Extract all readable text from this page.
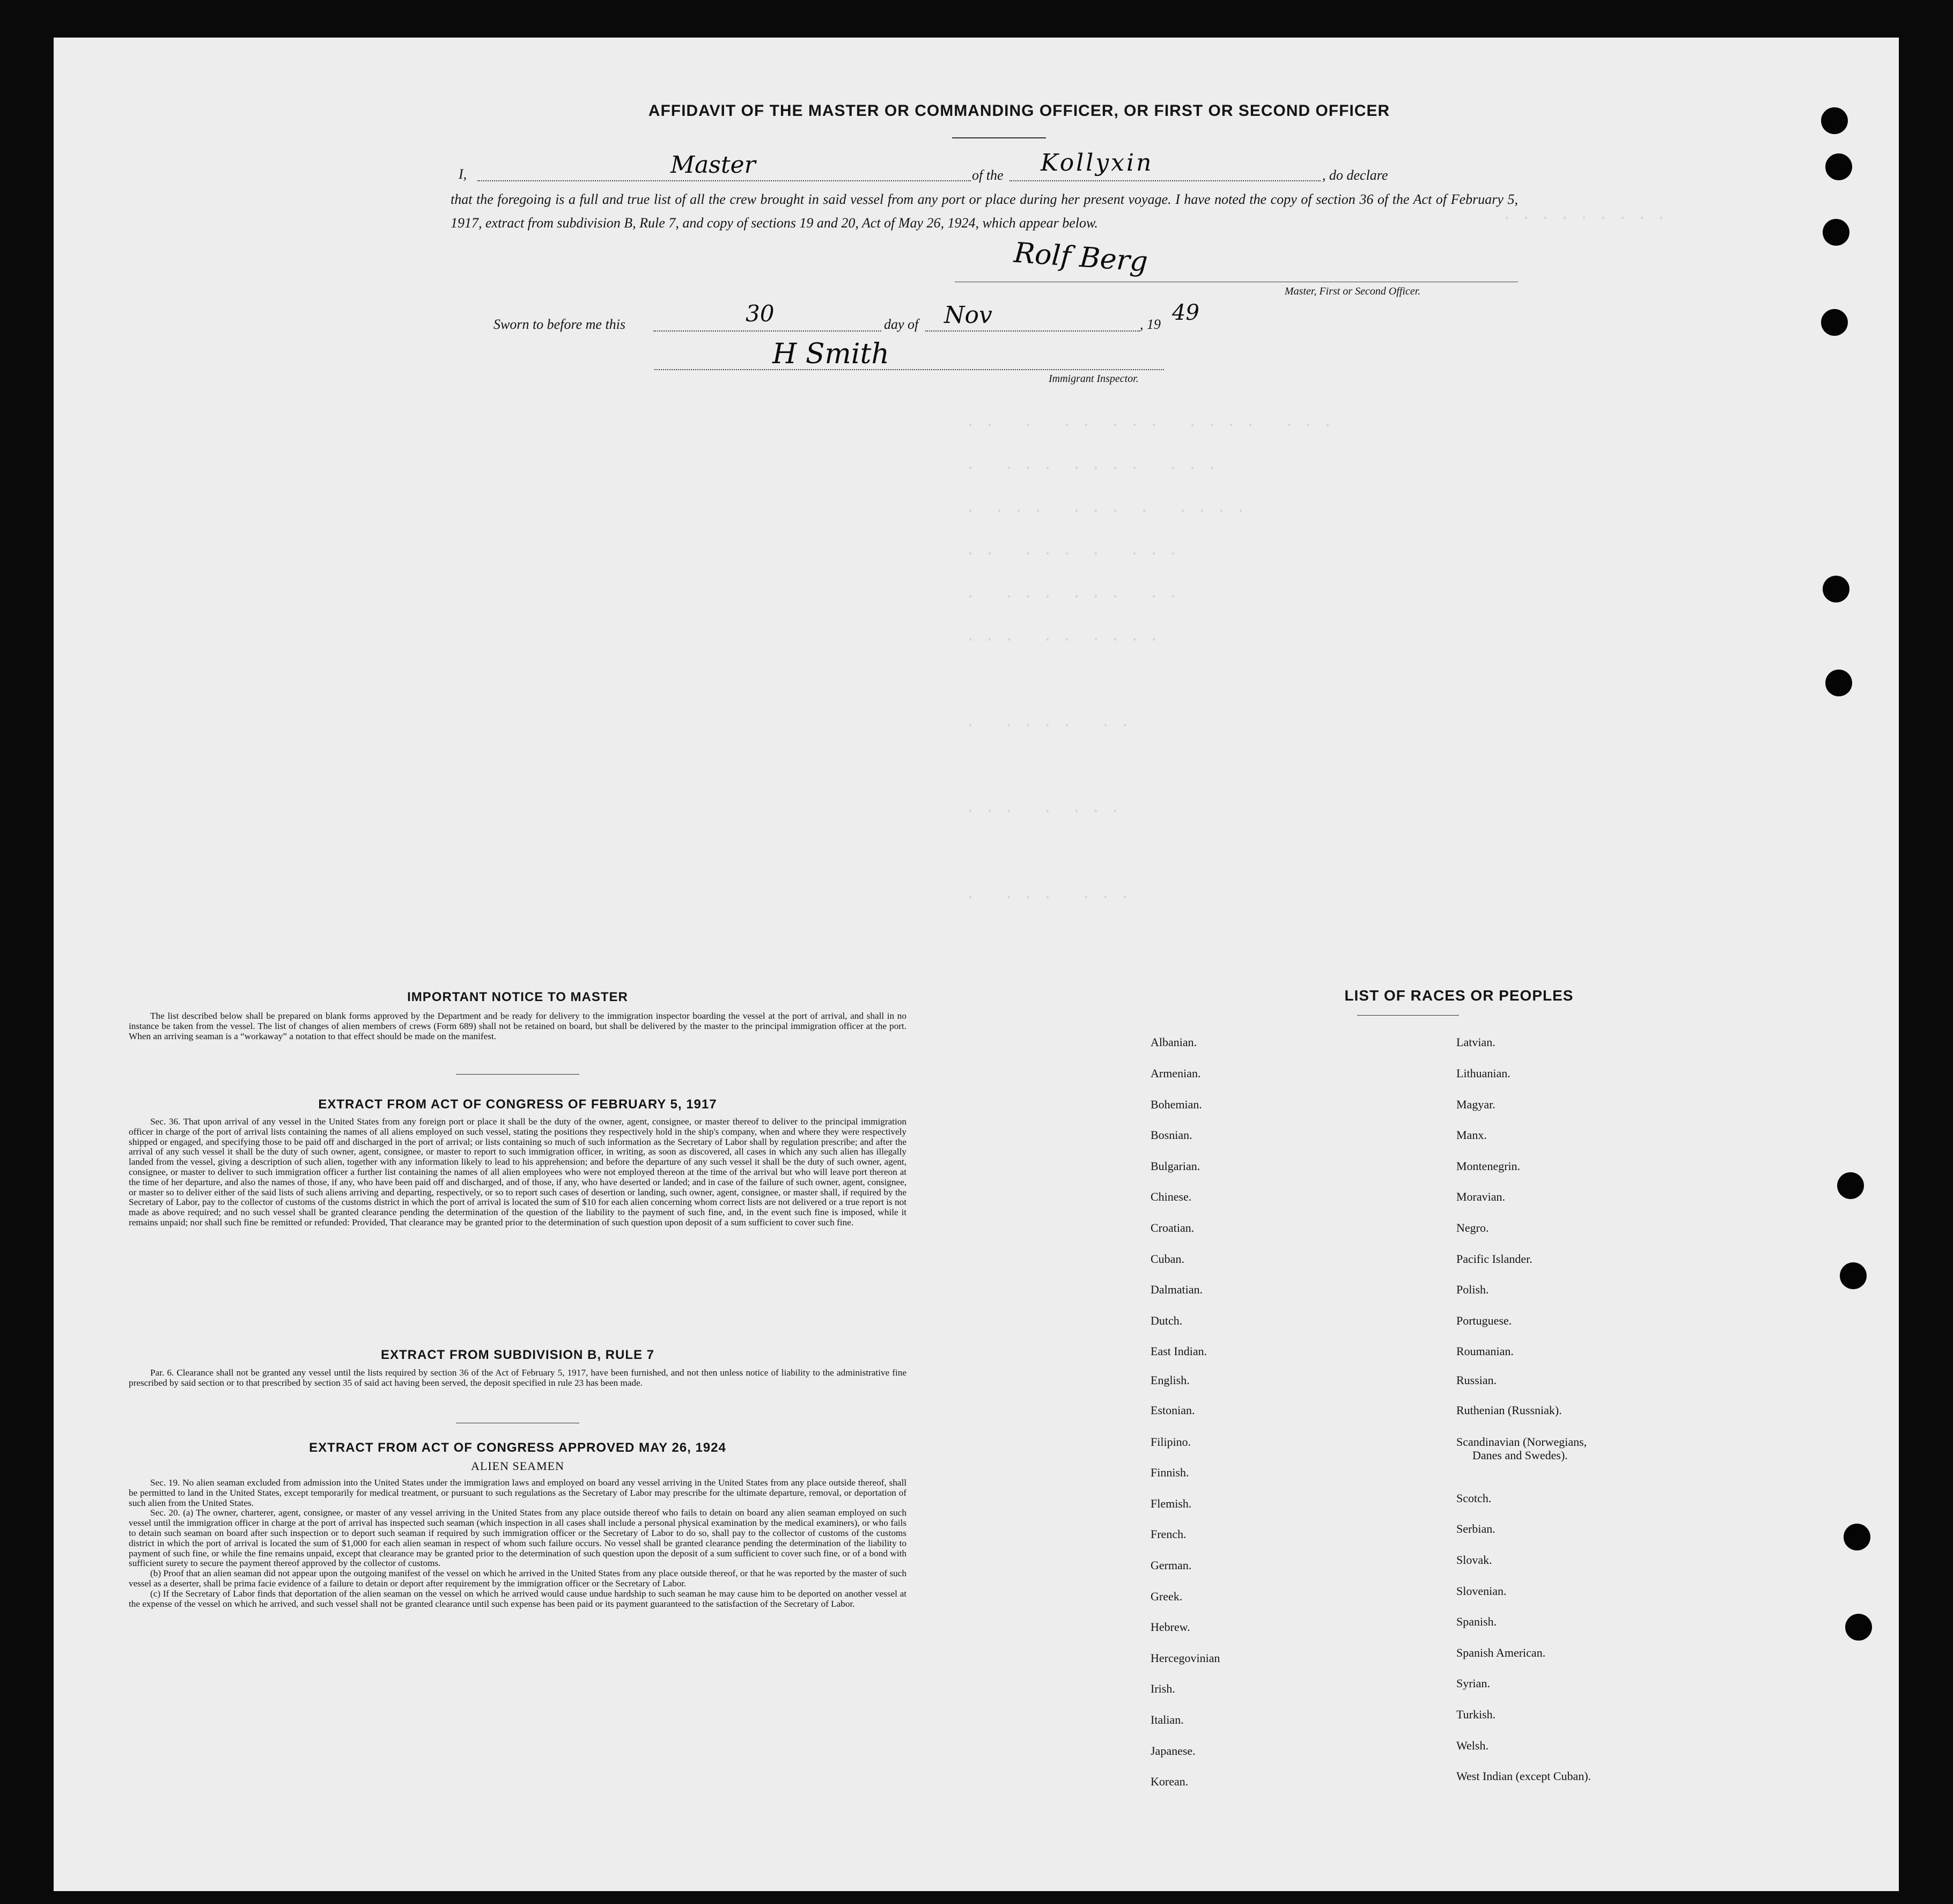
· · · · · · · · ·
. .   .   . .  . . .   . . . .   . . .
.   . . .  . . . .   . . .
.  . . .   . . .  .   . . . .
. .   . . .  .   . . .
.   . . .  . . .   . .
. . .   . .  . . . .
.   . . . .   . .
. . .   .  . . .
.   . . .   . . .
AFFIDAVIT OF THE MASTER OR COMMANDING OFFICER, OR FIRST OR SECOND OFFICER
I,	Master	of the Kollyxin	, do declare
that the foregoing is a full and true list of all the crew brought in said vessel from any port or place during her present voyage. I have noted the copy of section 36 of the Act of February 5, 1917, extract from subdivision B, Rule 7, and copy of sections 19 and 20, Act of May 26, 1924, which appear below.
Rolf Berg
Master, First or Second Officer.
Sworn to before me this	30	day of Nov	, 19 49
H Smith
Immigrant Inspector.
IMPORTANT NOTICE TO MASTER

The list described below shall be prepared on blank forms approved by the Department and be ready for delivery to the immigration inspector boarding the vessel at the port of arrival, and shall in no instance be taken from the vessel. The list of changes of alien members of crews (Form 689) shall not be retained on board, but shall be delivered by the master to the principal immigration officer at the port. When an arriving seaman is a “workaway” a notation to that effect should be made on the manifest.

EXTRACT FROM ACT OF CONGRESS OF FEBRUARY 5, 1917

Sec. 36. That upon arrival of any vessel in the United States from any foreign port or place it shall be the duty of the owner, agent, consignee, or master thereof to deliver to the principal immigration officer in charge of the port of arrival lists containing the names of all aliens employed on such vessel, stating the positions they respectively hold in the ship's company, when and where they were respectively shipped or engaged, and specifying those to be paid off and discharged in the port of arrival; or lists containing so much of such information as the Secretary of Labor shall by regulation prescribe; and after the arrival of any such vessel it shall be the duty of such owner, agent, consignee, or master to report to such immigration officer, in writing, as soon as discovered, all cases in which any such alien has illegally landed from the vessel, giving a description of such alien, together with any information likely to lead to his apprehension; and before the departure of any such vessel it shall be the duty of such owner, agent, consignee, or master to deliver to such immigration officer a further list containing the names of all alien employees who were not employed thereon at the time of the arrival but who will leave port thereon at the time of her departure, and also the names of those, if any, who have been paid off and discharged, and of those, if any, who have deserted or landed; and in case of the failure of such owner, agent, consignee, or master so to deliver either of the said lists of such aliens arriving and departing, respectively, or so to report such cases of desertion or landing, such owner, agent, consignee, or master shall, if required by the Secretary of Labor, pay to the collector of customs of the customs district in which the port of arrival is located the sum of $10 for each alien concerning whom correct lists are not delivered or a true report is not made as above required; and no such vessel shall be granted clearance pending the determination of the question of the liability to the payment of such fine, and, in the event such fine is imposed, while it remains unpaid; nor shall such fine be remitted or refunded: Provided, That clearance may be granted prior to the determination of such question upon deposit of a sum sufficient to cover such fine.

EXTRACT FROM SUBDIVISION B, RULE 7

Par. 6. Clearance shall not be granted any vessel until the lists required by section 36 of the Act of February 5, 1917, have been furnished, and not then unless notice of liability to the administrative fine prescribed by said section or to that prescribed by section 35 of said act having been served, the deposit specified in rule 23 has been made.

EXTRACT FROM ACT OF CONGRESS APPROVED MAY 26, 1924
ALIEN SEAMEN

Sec. 19. No alien seaman excluded from admission into the United States under the immigration laws and employed on board any vessel arriving in the United States from any place outside thereof, shall be permitted to land in the United States, except temporarily for medical treatment, or pursuant to such regulations as the Secretary of Labor may prescribe for the ultimate departure, removal, or deportation of such alien from the United States.

Sec. 20. (a) The owner, charterer, agent, consignee, or master of any vessel arriving in the United States from any place outside thereof who fails to detain on board any alien seaman employed on such vessel until the immigration officer in charge at the port of arrival has inspected such seaman (which inspection in all cases shall include a personal physical examination by the medical examiners), or who fails to detain such seaman on board after such inspection or to deport such seaman if required by such immigration officer or the Secretary of Labor to do so, shall pay to the collector of customs of the customs district in which the port of arrival is located the sum of $1,000 for each alien seaman in respect of whom such failure occurs. No vessel shall be granted clearance pending the determination of the liability to payment of such fine, or while the fine remains unpaid, except that clearance may be granted prior to the determination of such question upon the deposit of a sum sufficient to cover such fine, or of a bond with sufficient surety to secure the payment thereof approved by the collector of customs.

(b) Proof that an alien seaman did not appear upon the outgoing manifest of the vessel on which he arrived in the United States from any place outside thereof, or that he was reported by the master of such vessel as a deserter, shall be prima facie evidence of a failure to detain or deport after requirement by the immigration officer or the Secretary of Labor.

(c) If the Secretary of Labor finds that deportation of the alien seaman on the vessel on which he arrived would cause undue hardship to such seaman he may cause him to be deported on another vessel at the expense of the vessel on which he arrived, and such vessel shall not be granted clearance until such expense has been paid or its payment guaranteed to the satisfaction of the Secretary of Labor.

LIST OF RACES OR PEOPLES
Albanian.
Armenian.
Bohemian.
Bosnian.
Bulgarian.
Chinese.
Croatian.
Cuban.
Dalmatian.
Dutch.
East Indian.
English.
Estonian.
Filipino.
Finnish.
Flemish.
French.
German.
Greek.
Hebrew.
Hercegovinian
Irish.
Italian.
Japanese.
Korean.
Latvian.
Lithuanian.
Magyar.
Manx.
Montenegrin.
Moravian.
Negro.
Pacific Islander.
Polish.
Portuguese.
Roumanian.
Russian.
Ruthenian (Russniak).
Scandinavian (Norwegians,
Danes and Swedes).
Scotch.
Serbian.
Slovak.
Slovenian.
Spanish.
Spanish American.
Syrian.
Turkish.
Welsh.
West Indian (except Cuban).
